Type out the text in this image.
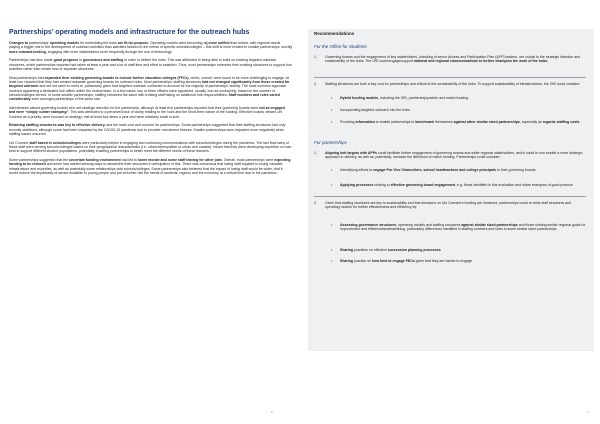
Partnerships’ operating models and infrastructure for the outreach hubs

Changes to partnerships’ operating models for embedding the hubs are fit-for-purpose. Operating models were becoming: a) more unified than before, with regional needs playing a bigger role in the development of outreach activities than activities tailored to the needs of specific schools/colleges – this shift is more evident in smaller partnerships; and b) more outward-looking, engaging with more stakeholders more frequently through the use of technology.

Partnerships had also made good progress in governance and staffing in order to deliver the hubs. This was attributed to being able to build on existing targeted outreach structures, which partnerships reported had taken at least a year and a lot of staff time and effort to establish. Thus, most partnerships extended their existing structures to support hub activities rather than create new or separate structures.

Most partnerships had expanded their existing governing boards to include further education colleges (FFCs), which, overall, were found to be more challenging to engage. At least four reported that they had created separate governing boards for outreach hubs. Most partnerships’ staffing structures had not changed significantly from those created for targeted outreach and did not seem to need to, particularly given that targeted outreach continued to account for the majority of partnerships’ activity. The most common approach involved appointing a dedicated hub officer within the central team. In a few cases, two or three officers were appointed, usually, but not exclusively, based on the number of schools/colleges served. In some smaller partnerships, staffing remained the same with existing staff taking on additional hub responsibilities. Staff numbers and roles varied considerably even amongst partnerships of the same size.

Interviewees valued governing boards who set strategic direction for the partnership, although at least five partnerships reported that their governing boards were not as engaged and were “simply rubber stamping”. This was attributed to a perceived lack of clarity relating to the hubs and the short-term nature of the funding. Effective boards viewed Uni Connect as a priority, were focused on strategy, met at least four times a year and were relatively small in size.

Retaining staffing structures was key to effective delivery, and the main cost and concern for partnerships. Some partnerships suggested that their staffing structures had only recently stabilised, although some had been impacted by the COVID-19 pandemic due to provider recruitment freezes. Smaller partnerships were impacted more negatively when staffing issues occurred.

Uni Connect staff based in schools/colleges were particularly helpful in engaging and continuing communications with schools/colleges during the pandemic. The fact that many of these staff were serving schools/colleges based on their geographical characteristics (i.e. urban/metropolitan or urban and coastal), meant that they were developing expertise on how best to support different student populations, potentially enabling partnerships to better meet the different needs of these learners.

Some partnerships suggested that the uncertain funding environment had led to lower morale and some staff leaving for other jobs. Overall, most partnerships were expecting funding to be reduced and some had started seeking ways to streamline their structures in anticipation of this. There was consensus that losing staff equated to losing valuable infrastructure and expertise, as well as potentially some relationships with schools/colleges. Some partnerships also believed that the impact of losing staff would be wider; that it would reduce the impartiality of advice available to young people and put at further risk the needs of students, regions and the economy at a critical time due to the pandemic.

6
Recommendations
For the Office for Students
1. Governing boards and the engagement of key stakeholders, including of senior Access and Participation Plan (APP) leaders, are crucial to the strategic direction and sustainability of the hubs. The OfS could engage/support national and regional communications to further champion the work of the hubs.
2. Staffing structures are both a key cost for partnerships and critical to the sustainability of the hubs. To support sustainability of infrastructures, the OfS could consider:
• Hybrid funding models, including the OfS, partnership/partner and match funding
• Incorporating targeted outreach into the hubs
• Providing information to enable partnerships to benchmark themselves against other similar sized partnerships, especially as regards staffing costs.
For partnerships
1. Aligning hub targets with APPs could facilitate further engagement of governing boards and wider regional stakeholders, which could in turn enable a more strategic approach to delivery, as well as, potentially, increase the likelihood of match funding. Partnerships could consider:
• Intensifying efforts to engage Pro Vice Chancellors, school headteachers and college principals to their governing boards
• Applying processes relating to effective governing board engagement, e.g. those identified in this evaluation and share examples of good practice.
2. Given that staffing structures are key to sustainability and that decisions on Uni Connect’s funding are imminent, partnerships could re-think staff structures and operating models for further effectiveness and efficiency by:
• Assessing governance structures, operating models and staffing structures against similar sized partnerships and those sharing similar regional goals for improvement and efficiencies/streamlining, particularly differences identified in staffing numbers and roles in some similar sized partnerships
• Sharing practices on effective succession planning processes
• Sharing practice on how best to engage FECs given that they are harder to engage.
7
